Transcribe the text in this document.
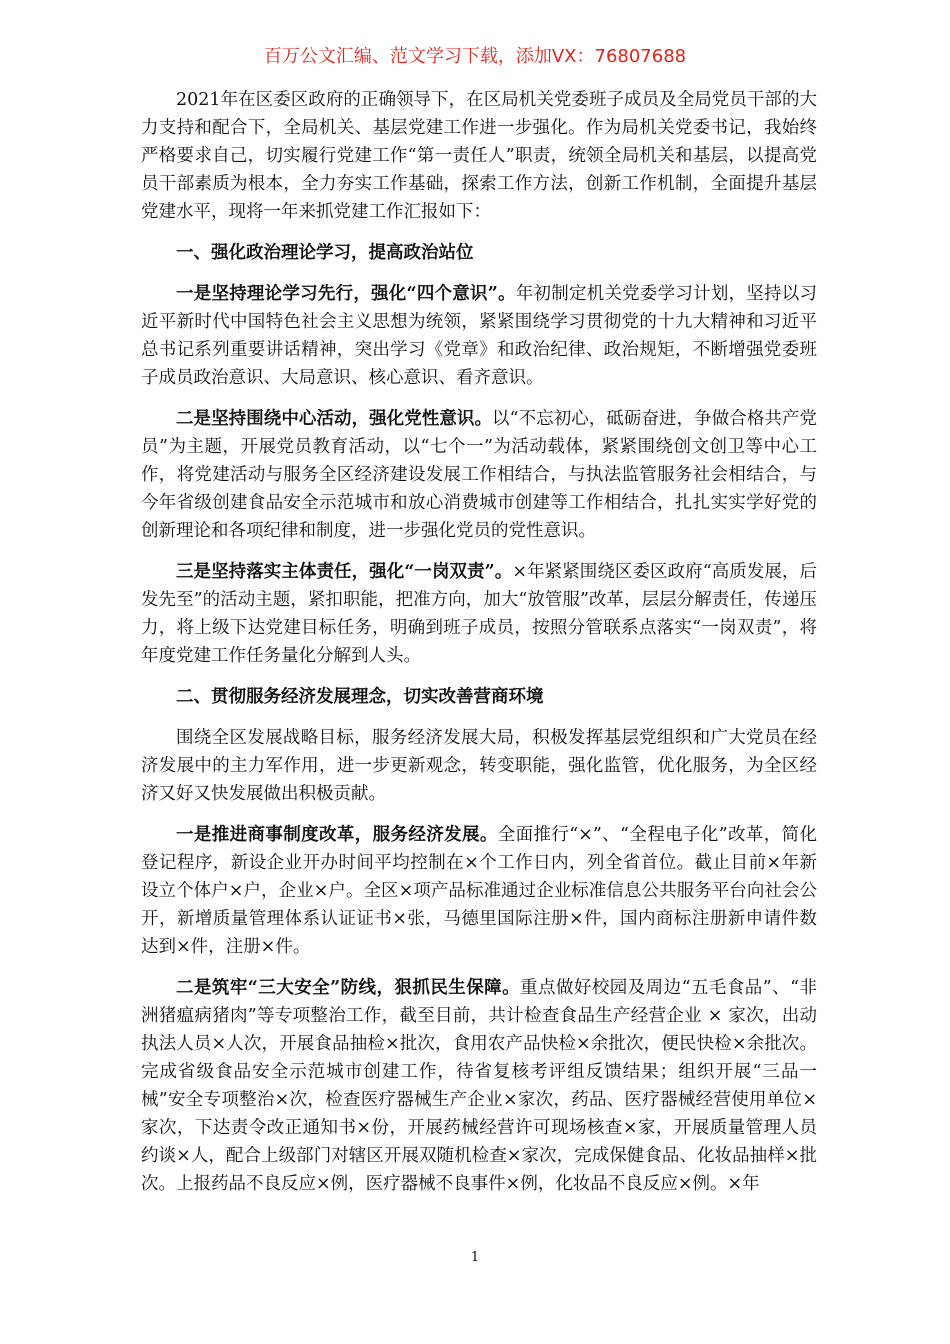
百万公文汇编、范文学习下载，添加VX：76807688

2021年在区委区政府的正确领导下，在区局机关党委班子成员及全局党员干部的大力支持和配合下，全局机关、基层党建工作进一步强化。作为局机关党委书记，我始终严格要求自己，切实履行党建工作“第一责任人”职责，统领全局机关和基层，以提高党员干部素质为根本，全力夯实工作基础，探索工作方法，创新工作机制，全面提升基层党建水平，现将一年来抓党建工作汇报如下：

一、强化政治理论学习，提高政治站位

一是坚持理论学习先行，强化“四个意识”。年初制定机关党委学习计划，坚持以习近平新时代中国特色社会主义思想为统领，紧紧围绕学习贯彻党的十九大精神和习近平总书记系列重要讲话精神，突出学习《党章》和政治纪律、政治规矩，不断增强党委班子成员政治意识、大局意识、核心意识、看齐意识。

二是坚持围绕中心活动，强化党性意识。以“不忘初心，砥砺奋进，争做合格共产党员”为主题，开展党员教育活动，以“七个一”为活动载体，紧紧围绕创文创卫等中心工作，将党建活动与服务全区经济建设发展工作相结合，与执法监管服务社会相结合，与今年省级创建食品安全示范城市和放心消费城市创建等工作相结合，扎扎实实学好党的创新理论和各项纪律和制度，进一步强化党员的党性意识。

三是坚持落实主体责任，强化“一岗双责”。×年紧紧围绕区委区政府“高质发展，后发先至”的活动主题，紧扣职能，把准方向，加大“放管服”改革，层层分解责任，传递压力，将上级下达党建目标任务，明确到班子成员，按照分管联系点落实“一岗双责”，将年度党建工作任务量化分解到人头。

二、贯彻服务经济发展理念，切实改善营商环境

围绕全区发展战略目标，服务经济发展大局，积极发挥基层党组织和广大党员在经济发展中的主力军作用，进一步更新观念，转变职能，强化监管，优化服务，为全区经济又好又快发展做出积极贡献。

一是推进商事制度改革，服务经济发展。全面推行“×”、“全程电子化”改革，简化登记程序，新设企业开办时间平均控制在×个工作日内，列全省首位。截止目前×年新设立个体户×户，企业×户。全区×项产品标准通过企业标准信息公共服务平台向社会公开，新增质量管理体系认证证书×张，马德里国际注册×件，国内商标注册新申请件数达到×件，注册×件。

二是筑牢“三大安全”防线，狠抓民生保障。重点做好校园及周边“五毛食品”、“非洲猪瘟病猪肉”等专项整治工作，截至目前，共计检查食品生产经营企业 × 家次，出动执法人员×人次，开展食品抽检×批次，食用农产品快检×余批次，便民快检×余批次。完成省级食品安全示范城市创建工作，待省复核考评组反馈结果；组织开展“三品一械”安全专项整治×次，检查医疗器械生产企业×家次，药品、医疗器械经营使用单位×家次，下达责令改正通知书×份，开展药械经营许可现场核查×家，开展质量管理人员约谈×人，配合上级部门对辖区开展双随机检查×家次，完成保健食品、化妆品抽样×批次。上报药品不良反应×例，医疗器械不良事件×例，化妆品不良反应×例。×年

1
